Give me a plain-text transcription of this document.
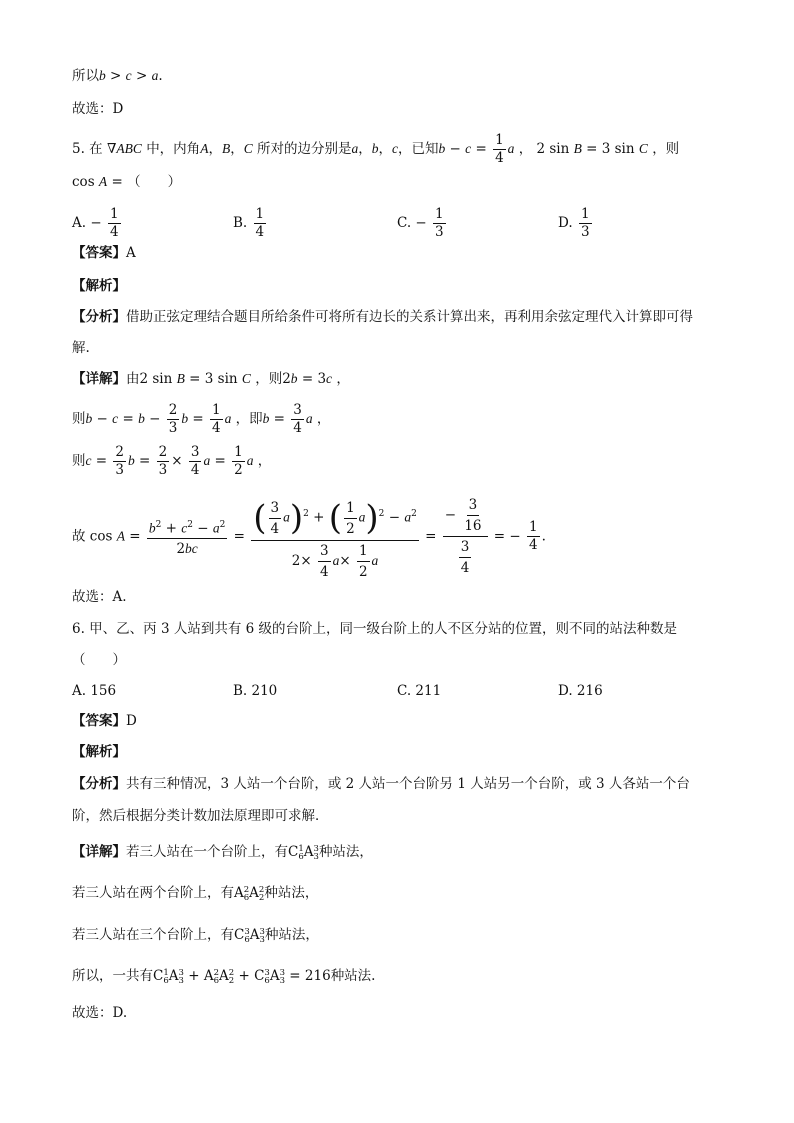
所以b > c > a.
故选：D
5. 在 ∇ABC 中，内角A，B，C 所对的边分别是a，b，c，已知$b - c = \frac{1}{4}$ a ， 2 sin B = 3 sin C ，则
cos A = （　　）
A. − $\frac{1}{4}$	B. $\frac{1}{4}$	C. − $\frac{1}{3}$	D. $\frac{1}{3}$
【答案】A
【解析】
【分析】借助正弦定理结合题目所给条件可将所有边长的关系计算出来，再利用余弦定理代入计算即可得
解.
【详解】由2 sin B = 3 sin C ，则2b = 3c ，
则$b - c = b - \frac{2}{3}$ $b = \frac{1}{4}$ a ，即$b = \frac{3}{4}$ a ，
则$c = \frac{2}{3}$ $b = \frac{2}{3} \times \frac{3}{4}$ $a = \frac{1}{2}$ a ，
故 $\cos A = \frac{b^2 + c^2 - a^2}{2bc} = \frac{( \frac{3}{4} a)^2 + ( \frac{1}{2} a)^2 - a^2}{2\times \frac{3}{4} a\times \frac{1}{2} a} = \frac{- \frac{3}{16}}{\frac{3}{4}}$ = − $\frac{1}{4}$ .
故选：A.
6. 甲、乙、丙 3 人站到共有 6 级的台阶上，同一级台阶上的人不区分站的位置，则不同的站法种数是
（　　）
A. 156	B. 210	C. 211	D. 216
【答案】D
【解析】
【分析】共有三种情况，3 人站一个台阶，或 2 人站一个台阶另 1 人站另一个台阶，或 3 人各站一个台
阶，然后根据分类计数加法原理即可求解．
【详解】若三人站在一个台阶上，有C 1
6 A 3
3 种站法，
若三人站在两个台阶上，有A 2
6 A 2
2 种站法，
若三人站在三个台阶上，有C 3
6 A 3
3 种站法，
所以，一共有C 1
6 A 3
3 + A 2
6 A 2
2 + C 3
6 A 3
3 = 216种站法.
故选：D.
